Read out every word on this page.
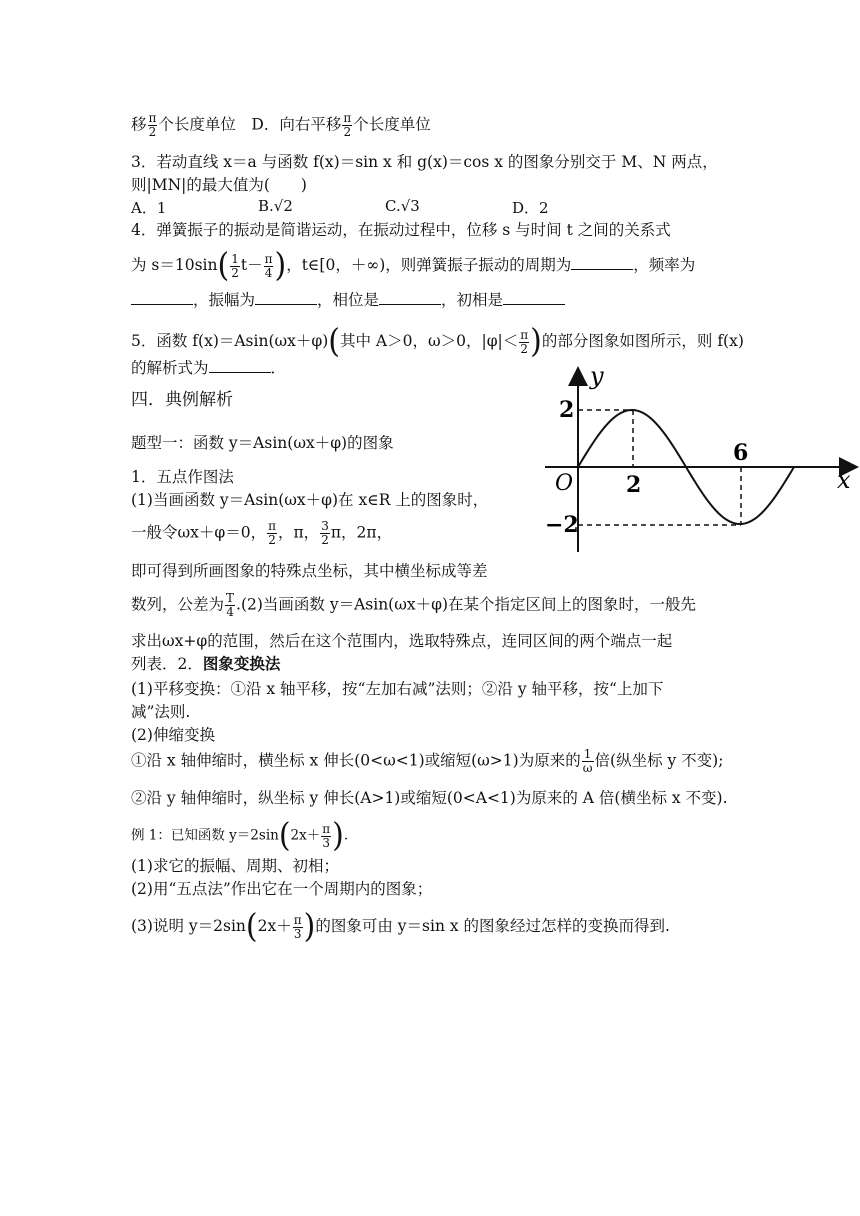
移 $\frac{\pi}{2}$ 个长度单位　D．向右平移 $\frac{\pi}{2}$ 个长度单位
3．若动直线 x＝a 与函数 f(x)＝sin x 和 g(x)＝cos x 的图象分别交于 M、N 两点，
则|MN|的最大值为(　　)
A．1	B.√2	C.√3	D．2
4．弹簧振子的振动是简谐运动，在振动过程中，位移 s 与时间 t 之间的关系式
为 $s=10\sin( \frac{1}{2} t- \frac{\pi}{4}$ )，t∈[0，＋∞)，则弹簧振子振动的周期为	，频率为
，振幅为	，相位是	，初相是
5．函数 f(x)＝Asin(ωx＋φ)(其中 A＞0，ω＞0，$|\varphi|< \frac{\pi}{2}$ )的部分图象如图所示，则 f(x)
的解析式为	．
四．典例解析
题型一：函数 y＝Asin(ωx＋φ)的图象
1．五点作图法
(1)当画函数 y＝Asin(ωx＋φ)在 x∈R 上的图象时，
一般令ωx＋φ＝0， $\frac{\pi}{2}$ ，π， $\frac{3}{2}$ π，2π，
即可得到所画图象的特殊点坐标，其中横坐标成等差
数列，公差为 $\frac{T}{4} .(2)$当画函数 y＝Asin(ωx＋φ)在某个指定区间上的图象时，一般先
求出ωx+φ的范围，然后在这个范围内，选取特殊点，连同区间的两个端点一起
列表．2．图象变换法
(1)平移变换：①沿 x 轴平移，按“左加右减”法则；②沿 y 轴平移，按“上加下
减”法则.
(2)伸缩变换
①沿 x 轴伸缩时，横坐标 x 伸长(0<ω<1)或缩短(ω>1)为原来的 $\frac{1}{\omega}$ 倍(纵坐标 y 不变);
②沿 y 轴伸缩时，纵坐标 y 伸长(A>1)或缩短(0<A<1)为原来的 A 倍(横坐标 x 不变).
例 1：已知函数 $y=2\sin(2x+ \frac{\pi}{3}$ ).
(1)求它的振幅、周期、初相；
(2)用“五点法”作出它在一个周期内的图象；
(3)说明 $y=2\sin(2x+ \frac{\pi}{3}$ )的图象可由 y＝sin x 的图象经过怎样的变换而得到.
y
x
O
2
−2
2
6
